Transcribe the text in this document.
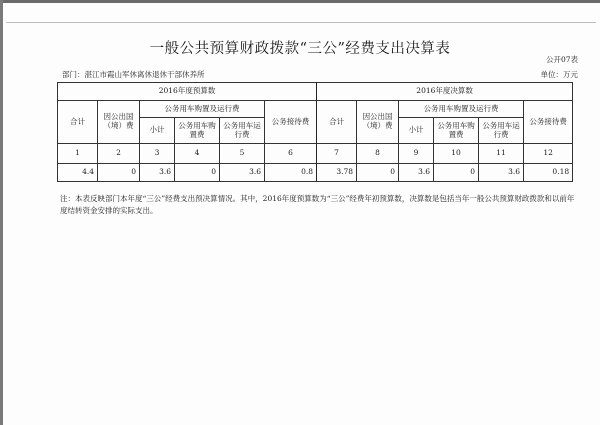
一般公共预算财政拨款“三公”经费支出决算表
公开07表
部门：湛江市霞山军休离休退休干部休养所	单位：万元
2016年度预算数						2016年度决算数					
合计	因公出国（境）费	公务用车购置及运行费			公务接待费	合计	因公出国（境）费	公务用车购置及运行费			公务接待费
		小计	公务用车购置费	公务用车运行费				小计	公务用车购置费	公务用车运行费	

1	2	3	4	5	6	7	8	9	10	11	12
4.4	0	3.6	0	3.6	0.8	3.78	0	3.6	0	3.6	0.18
注：本表反映部门本年度“三公”经费支出预决算情况。其中，2016年度预算数为“三公”经费年初预算数，决算数是包括当年一般公共预算财政拨款和以前年度结转资金安排的实际支出。
